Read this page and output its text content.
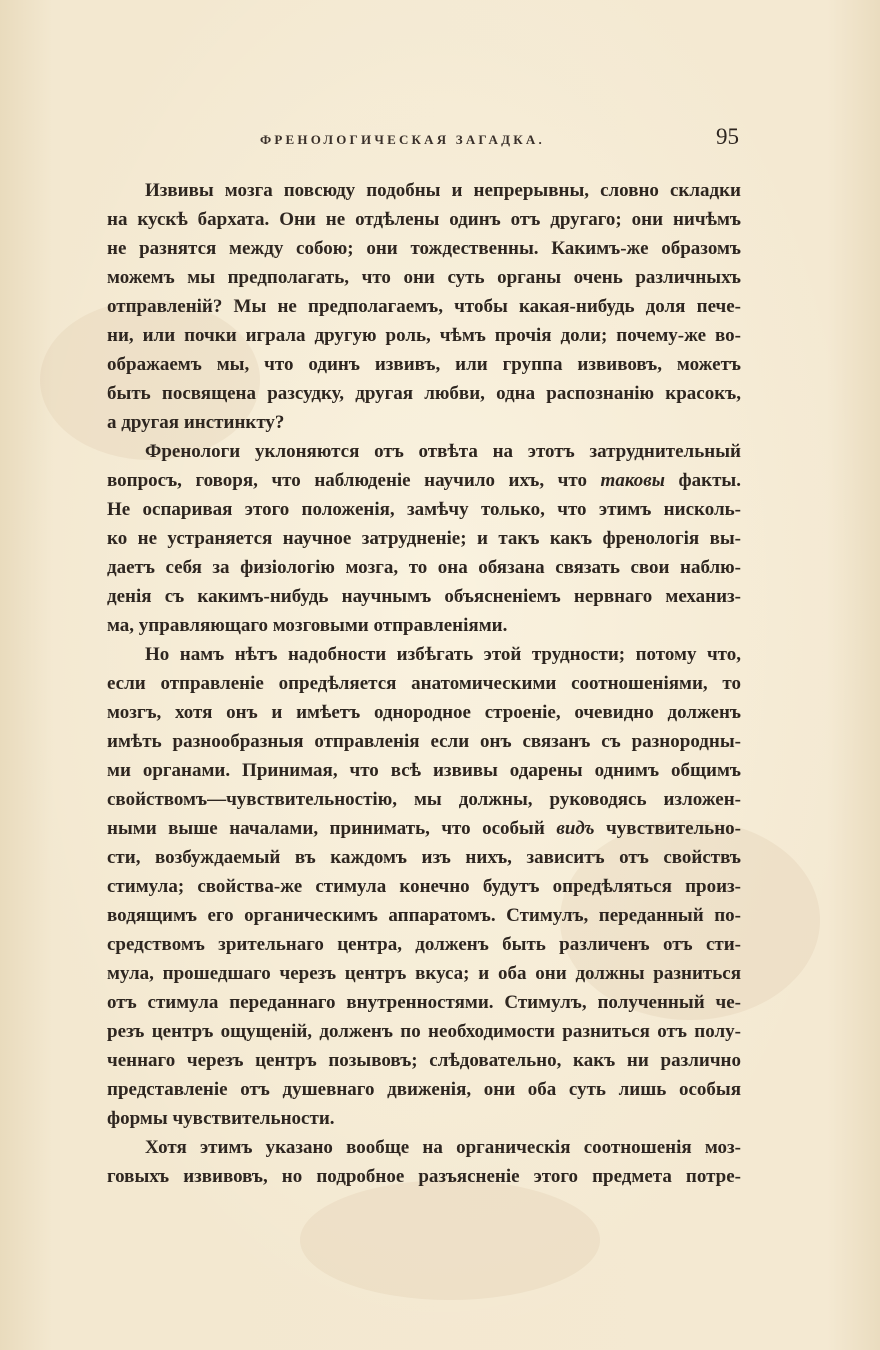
ФРЕНОЛОГИЧЕСКАЯ ЗАГАДКА.	95
Извивы мозга повсюду подобны и непрерывны, словно складки
на кускѣ бархата. Они не отдѣлены одинъ отъ другаго; они ничѣмъ
не разнятся между собою; они тождественны. Какимъ-же образомъ
можемъ мы предполагать, что они суть органы очень различныхъ
отправленій? Мы не предполагаемъ, чтобы какая-нибудь доля пече-
ни, или почки играла другую роль, чѣмъ прочія доли; почему-же во-
ображаемъ мы, что одинъ извивъ, или группа извивовъ, можетъ
быть посвящена разсудку, другая любви, одна распознанію красокъ,
а другая инстинкту?
Френологи уклоняются отъ отвѣта на этотъ затруднительный
вопросъ, говоря, что наблюденіе научило ихъ, что таковы факты.
Не оспаривая этого положенія, замѣчу только, что этимъ нисколь-
ко не устраняется научное затрудненіе; и такъ какъ френологія вы-
даетъ себя за физіологію мозга, то она обязана связать свои наблю-
денія съ какимъ-нибудь научнымъ объясненіемъ нервнаго механиз-
ма, управляющаго мозговыми отправленіями.
Но намъ нѣтъ надобности избѣгать этой трудности; потому что,
если отправленіе опредѣляется анатомическими соотношеніями, то
мозгъ, хотя онъ и имѣетъ однородное строеніе, очевидно долженъ
имѣть разнообразныя отправленія если онъ связанъ съ разнородны-
ми органами. Принимая, что всѣ извивы одарены однимъ общимъ
свойствомъ—чувствительностію, мы должны, руководясь изложен-
ными выше началами, принимать, что особый видъ чувствительно-
сти, возбуждаемый въ каждомъ изъ нихъ, зависитъ отъ свойствъ
стимула; свойства-же стимула конечно будутъ опредѣляться произ-
водящимъ его органическимъ аппаратомъ. Стимулъ, переданный по-
средствомъ зрительнаго центра, долженъ быть различенъ отъ сти-
мула, прошедшаго черезъ центръ вкуса; и оба они должны разниться
отъ стимула переданнаго внутренностями. Стимулъ, полученный че-
резъ центръ ощущеній, долженъ по необходимости разниться отъ полу-
ченнаго черезъ центръ позывовъ; слѣдовательно, какъ ни различно
представленіе отъ душевнаго движенія, они оба суть лишь особыя
формы чувствительности.
Хотя этимъ указано вообще на органическія соотношенія моз-
говыхъ извивовъ, но подробное разъясненіе этого предмета потре-
